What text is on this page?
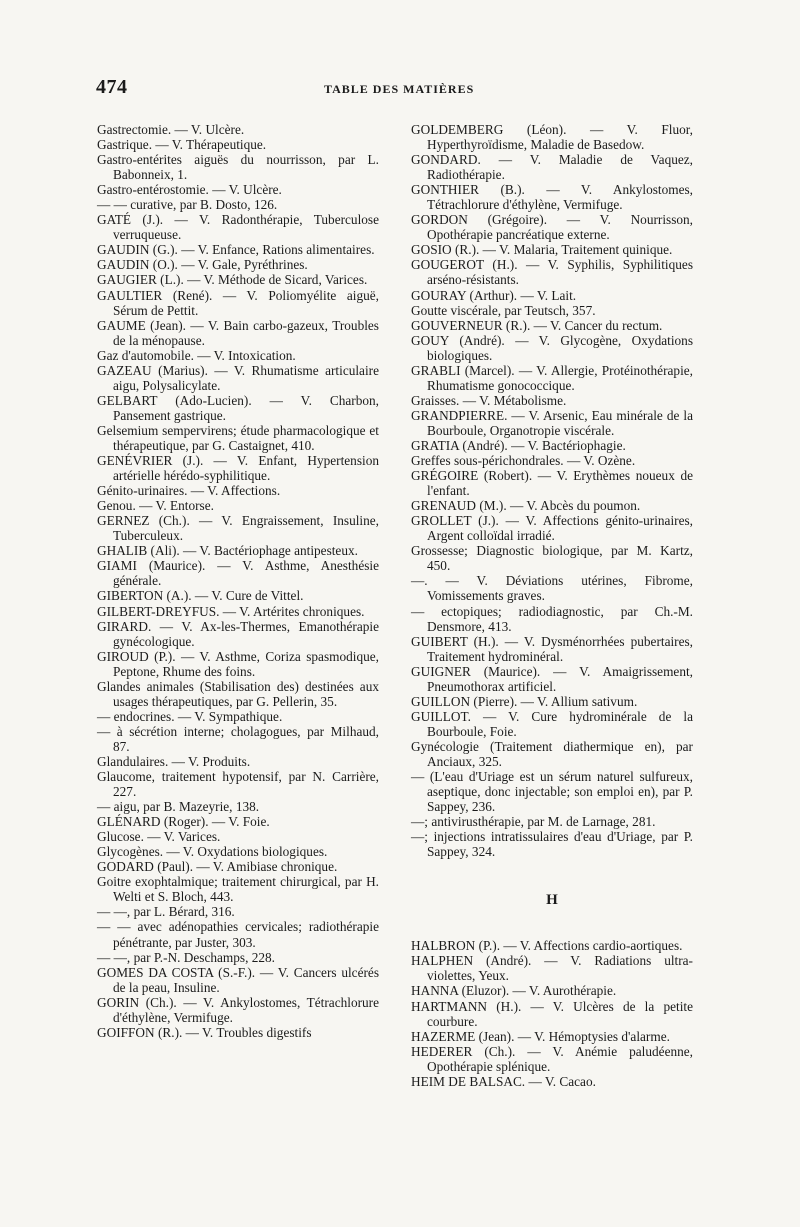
474	TABLE DES MATIÈRES

Gastrectomie. — V. Ulcère.

Gastrique. — V. Thérapeutique.

Gastro-entérites aiguës du nourrisson, par L. Babonneix, 1.

Gastro-entérostomie. — V. Ulcère.

— — curative, par B. Dosto, 126.

GATÉ (J.). — V. Radonthérapie, Tuberculose verruqueuse.

GAUDIN (G.). — V. Enfance, Rations alimentaires.

GAUDIN (O.). — V. Gale, Pyréthrines.

GAUGIER (L.). — V. Méthode de Sicard, Varices.

GAULTIER (René). — V. Poliomyélite aiguë, Sérum de Pettit.

GAUME (Jean). — V. Bain carbo-gazeux, Troubles de la ménopause.

Gaz d'automobile. — V. Intoxication.

GAZEAU (Marius). — V. Rhumatisme articulaire aigu, Polysalicylate.

GELBART (Ado-Lucien). — V. Charbon, Pansement gastrique.

Gelsemium sempervirens; étude pharmacologique et thérapeutique, par G. Castaignet, 410.

GENÉVRIER (J.). — V. Enfant, Hypertension artérielle hérédo-syphilitique.

Génito-urinaires. — V. Affections.

Genou. — V. Entorse.

GERNEZ (Ch.). — V. Engraissement, Insuline, Tuberculeux.

GHALIB (Ali). — V. Bactériophage antipesteux.

GIAMI (Maurice). — V. Asthme, Anesthésie générale.

GIBERTON (A.). — V. Cure de Vittel.

GILBERT-DREYFUS. — V. Artérites chroniques.

GIRARD. — V. Ax-les-Thermes, Emanothérapie gynécologique.

GIROUD (P.). — V. Asthme, Coriza spasmodique, Peptone, Rhume des foins.

Glandes animales (Stabilisation des) destinées aux usages thérapeutiques, par G. Pellerin, 35.

— endocrines. — V. Sympathique.

— à sécrétion interne; cholagogues, par Milhaud, 87.

Glandulaires. — V. Produits.

Glaucome, traitement hypotensif, par N. Carrière, 227.

— aigu, par B. Mazeyrie, 138.

GLÉNARD (Roger). — V. Foie.

Glucose. — V. Varices.

Glycogènes. — V. Oxydations biologiques.

GODARD (Paul). — V. Amibiase chronique.

Goitre exophtalmique; traitement chirurgical, par H. Welti et S. Bloch, 443.

— —, par L. Bérard, 316.

— — avec adénopathies cervicales; radiothérapie pénétrante, par Juster, 303.

— —, par P.-N. Deschamps, 228.

GOMES DA COSTA (S.-F.). — V. Cancers ulcérés de la peau, Insuline.

GORIN (Ch.). — V. Ankylostomes, Tétrachlorure d'éthylène, Vermifuge.

GOIFFON (R.). — V. Troubles digestifs

GOLDEMBERG (Léon). — V. Fluor, Hyperthyroïdisme, Maladie de Basedow.

GONDARD. — V. Maladie de Vaquez, Radiothérapie.

GONTHIER (B.). — V. Ankylostomes, Tétrachlorure d'éthylène, Vermifuge.

GORDON (Grégoire). — V. Nourrisson, Opothérapie pancréatique externe.

GOSIO (R.). — V. Malaria, Traitement quinique.

GOUGEROT (H.). — V. Syphilis, Syphilitiques arséno-résistants.

GOURAY (Arthur). — V. Lait.

Goutte viscérale, par Teutsch, 357.

GOUVERNEUR (R.). — V. Cancer du rectum.

GOUY (André). — V. Glycogène, Oxydations biologiques.

GRABLI (Marcel). — V. Allergie, Protéinothérapie, Rhumatisme gonococcique.

Graisses. — V. Métabolisme.

GRANDPIERRE. — V. Arsenic, Eau minérale de la Bourboule, Organotropie viscérale.

GRATIA (André). — V. Bactériophagie.

Greffes sous-périchondrales. — V. Ozène.

GRÉGOIRE (Robert). — V. Erythèmes noueux de l'enfant.

GRENAUD (M.). — V. Abcès du poumon.

GROLLET (J.). — V. Affections génito-urinaires, Argent colloïdal irradié.

Grossesse; Diagnostic biologique, par M. Kartz, 450.

—. — V. Déviations utérines, Fibrome, Vomissements graves.

— ectopiques; radiodiagnostic, par Ch.-M. Densmore, 413.

GUIBERT (H.). — V. Dysménorrhées pubertaires, Traitement hydrominéral.

GUIGNER (Maurice). — V. Amaigrissement, Pneumothorax artificiel.

GUILLON (Pierre). — V. Allium sativum.

GUILLOT. — V. Cure hydrominérale de la Bourboule, Foie.

Gynécologie (Traitement diathermique en), par Anciaux, 325.

— (L'eau d'Uriage est un sérum naturel sulfureux, aseptique, donc injectable; son emploi en), par P. Sappey, 236.

—; antivirusthérapie, par M. de Larnage, 281.

—; injections intratissulaires d'eau d'Uriage, par P. Sappey, 324.

H

HALBRON (P.). — V. Affections cardio-aortiques.

HALPHEN (André). — V. Radiations ultra-violettes, Yeux.

HANNA (Eluzor). — V. Aurothérapie.

HARTMANN (H.). — V. Ulcères de la petite courbure.

HAZERME (Jean). — V. Hémoptysies d'alarme.

HEDERER (Ch.). — V. Anémie paludéenne, Opothérapie splénique.

HEIM DE BALSAC. — V. Cacao.
